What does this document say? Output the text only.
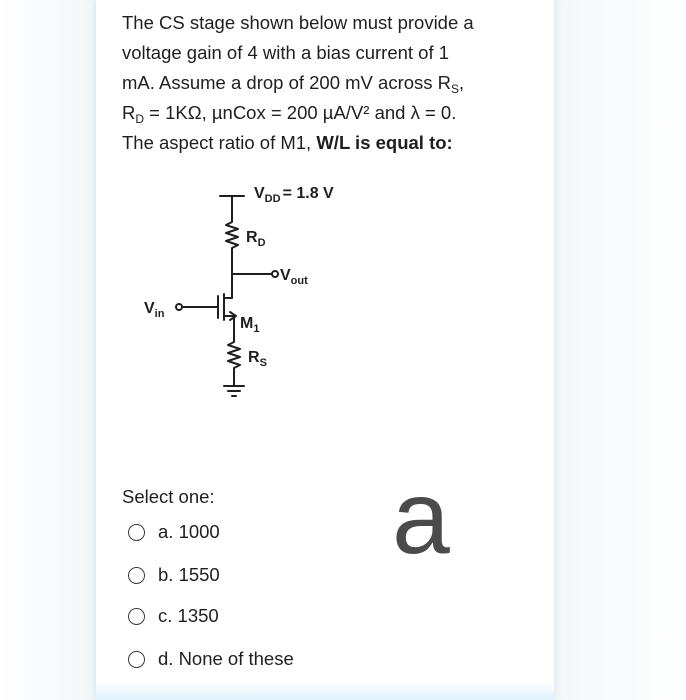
The CS stage shown below must provide a
voltage gain of 4 with a bias current of 1
mA. Assume a drop of 200 mV across $R_S$,
$R_D = 1K\Omega$, µnCox = 200 µA/V² and λ = 0.
The aspect ratio of M1, W/L is equal to:
$V_{DD} = 1.8$ V
$R_D$
$V_{out}$
$V_{in}$
$M_1$
$R_S$
Select one:
a. 1000
b. 1550
c. 1350
d. None of these
a
